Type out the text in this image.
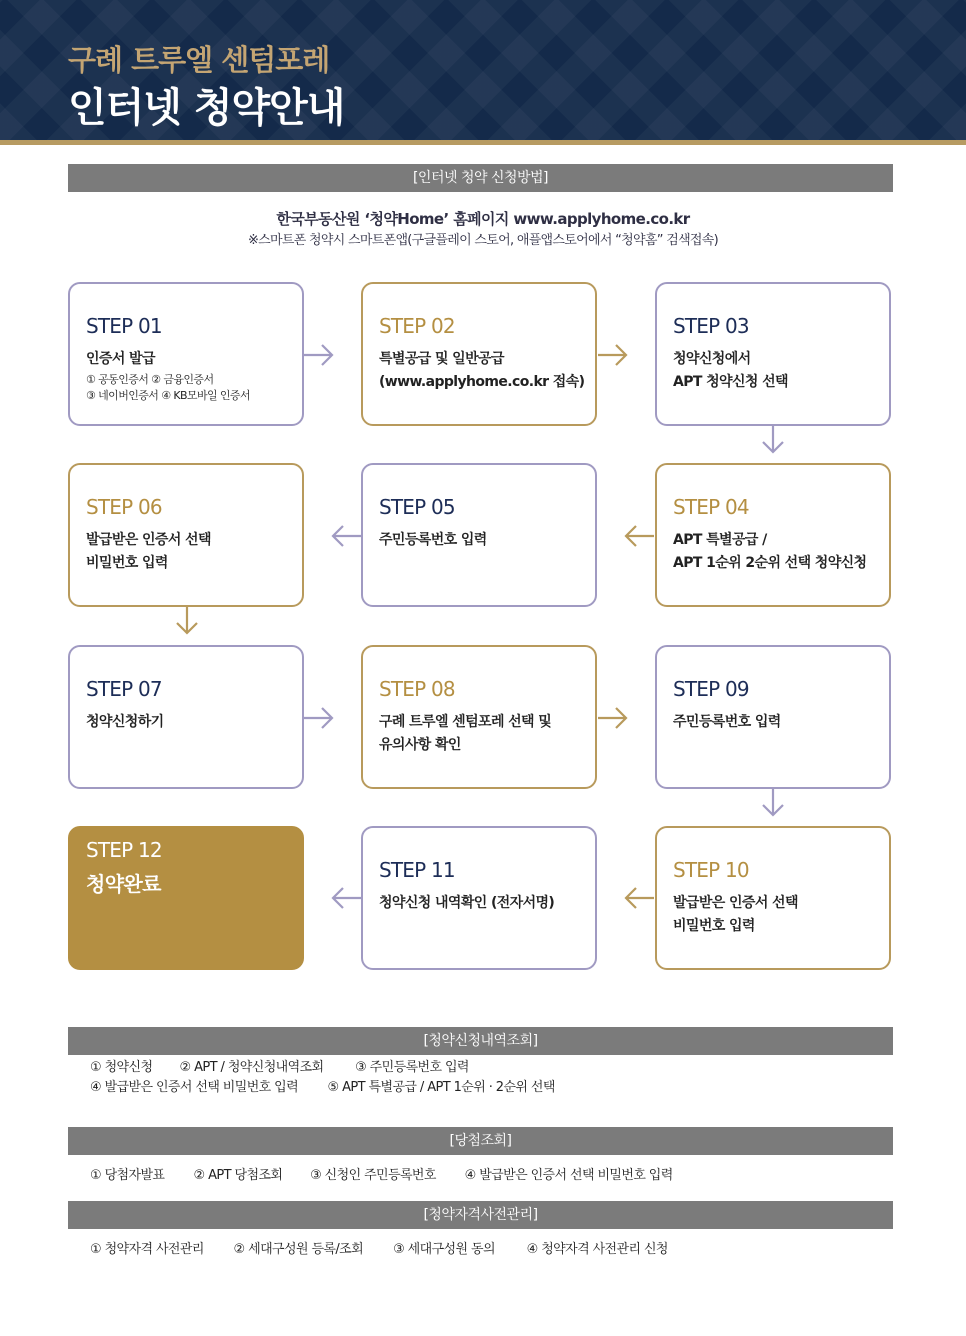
구례 트루엘 센텀포레
인터넷 청약안내
[인터넷 청약 신청방법]
한국부동산원 ‘청약Home’ 홈페이지 www.applyhome.co.kr
※스마트폰 청약시 스마트폰앱(구글플레이 스토어, 애플앱스토어에서 “청약홈” 검색접속)
STEP 01
인증서 발급
① 공동인증서 ② 금융인증서
③ 네이버인증서 ④ KB모바일 인증서
STEP 02
특별공급 및 일반공급
(www.applyhome.co.kr 접속)
STEP 03
청약신청에서
APT 청약신청 선택
STEP 06
발급받은 인증서 선택
비밀번호 입력
STEP 05
주민등록번호 입력
STEP 04
APT 특별공급 /
APT 1순위 2순위 선택 청약신청
STEP 07
청약신청하기
STEP 08
구례 트루엘 센텀포레 선택 및
유의사항 확인
STEP 09
주민등록번호 입력
STEP 12
청약완료
STEP 11
청약신청 내역확인 (전자서명)
STEP 10
발급받은 인증서 선택
비밀번호 입력
[청약신청내역조회]
① 청약신청 ② APT / 청약신청내역조회 ③ 주민등록번호 입력
④ 발급받은 인증서 선택 비밀번호 입력 ⑤ APT 특별공급 / APT 1순위 · 2순위 선택
[당첨조회]
① 당첨자발표 ② APT 당첨조회 ③ 신청인 주민등록번호 ④ 발급받은 인증서 선택 비밀번호 입력
[청약자격사전관리]
① 청약자격 사전관리 ② 세대구성원 등록/조회 ③ 세대구성원 동의 ④ 청약자격 사전관리 신청
